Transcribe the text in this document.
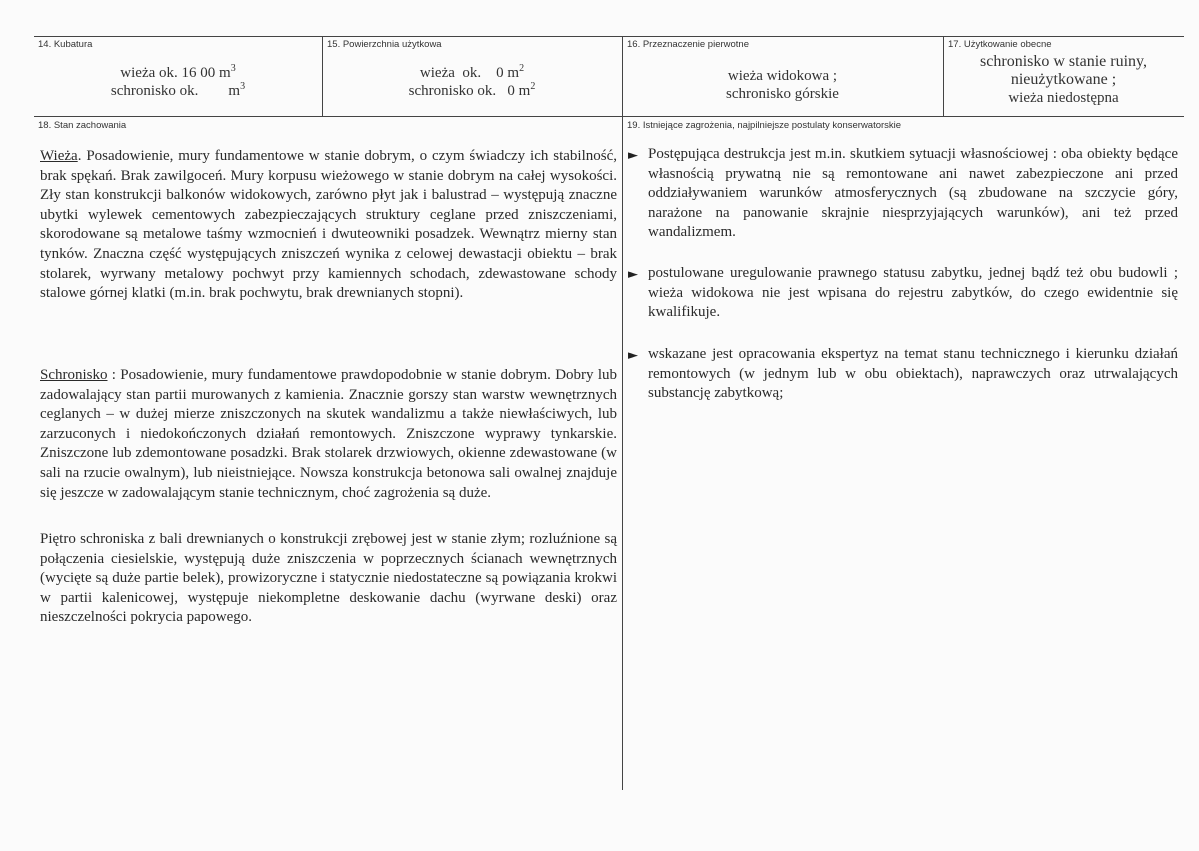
14. Kubatura
wieża ok. 16 00 $m^3$
schronisko ok.        $m^3$
15. Powierzchnia użytkowa
wieża  ok.    0 $m^2$
schronisko ok.   0 $m^2$
16. Przeznaczenie pierwotne
wieża widokowa ;
schronisko górskie
17. Użytkowanie obecne
schronisko w stanie ruiny,
nieużytkowane ;
wieża niedostępna
18. Stan zachowania

Wieża. Posadowienie, mury fundamentowe w stanie dobrym, o czym świadczy ich stabilność, brak spękań. Brak zawilgoceń. Mury korpusu wieżowego w stanie dobrym na całej wysokości. Zły stan konstrukcji balkonów widokowych, zarówno płyt jak i balustrad – występują znaczne ubytki wylewek cementowych zabezpieczających struktury ceglane przed zniszczeniami, skorodowane są metalowe taśmy wzmocnień i dwuteowniki posadzek. Wewnątrz mierny stan tynków. Znaczna część występujących zniszczeń wynika z celowej dewastacji obiektu – brak stolarek, wyrwany metalowy pochwyt przy kamiennych schodach, zdewastowane schody stalowe górnej klatki (m.in. brak pochwytu, brak drewnianych stopni).

Schronisko : Posadowienie, mury fundamentowe prawdopodobnie w stanie dobrym. Dobry lub zadowalający stan partii murowanych z kamienia. Znacznie gorszy stan warstw wewnętrznych ceglanych – w dużej mierze zniszczonych na skutek wandalizmu a także niewłaściwych, lub zarzuconych i niedokończonych działań remontowych. Zniszczone wyprawy tynkarskie. Zniszczone lub zdemontowane posadzki. Brak stolarek drzwiowych, okienne zdewastowane (w sali na rzucie owalnym), lub nieistniejące. Nowsza konstrukcja betonowa sali owalnej znajduje się jeszcze w zadowalającym stanie technicznym, choć zagrożenia są duże.

Piętro schroniska z bali drewnianych o konstrukcji zrębowej jest w stanie złym; rozluźnione są połączenia ciesielskie, występują duże zniszczenia w poprzecznych ścianach wewnętrznych (wycięte są duże partie belek), prowizoryczne i statycznie niedostateczne są powiązania krokwi w partii kalenicowej, występuje niekompletne deskowanie dachu (wyrwane deski) oraz nieszczelności pokrycia papowego.

19. Istniejące zagrożenia, najpilniejsze postulaty konserwatorskie
► Postępująca destrukcja jest m.in. skutkiem sytuacji własnościowej : oba obiekty będące własnością prywatną nie są remontowane ani nawet zabezpieczone ani przed oddziaływaniem warunków atmosferycznych (są zbudowane na szczycie góry, narażone na panowanie skrajnie niesprzyjających warunków), ani też przed wandalizmem.

► postulowane uregulowanie prawnego statusu zabytku, jednej bądź też obu budowli ; wieża widokowa nie jest wpisana do rejestru zabytków, do czego ewidentnie się kwalifikuje.

► wskazane jest opracowania ekspertyz na temat stanu technicznego i kierunku działań remontowych (w jednym lub w obu obiektach), naprawczych oraz utrwalających substancję zabytkową;
